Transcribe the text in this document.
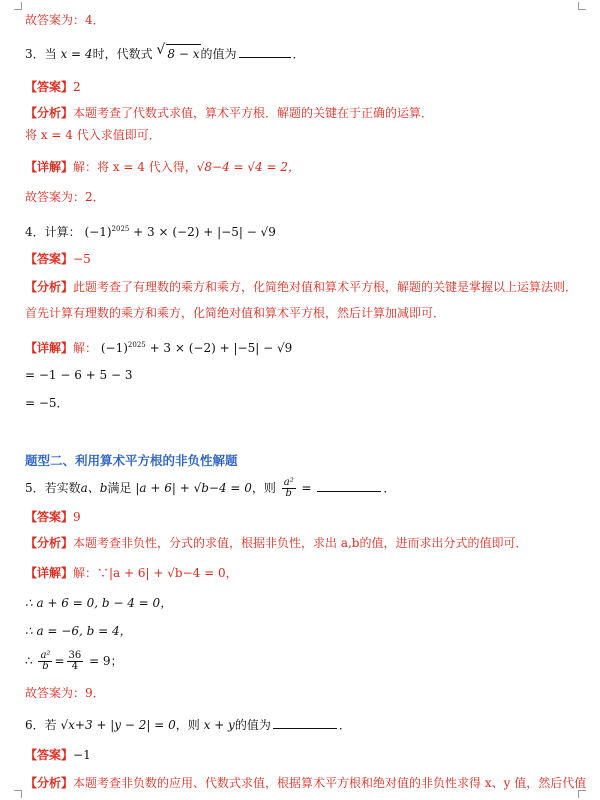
故答案为：4．
3．当 x = 4时，代数式 √ 8 − x的值为	．
【答案】2
【分析】本题考查了代数式求值，算术平方根．解题的关键在于正确的运算．
将 x = 4 代入求值即可．
【详解】解：将 x = 4 代入得，√8−4 = √4 = 2，
故答案为：2．
4．计算： $(-1)^{2025} + 3 \times (-2) + |-5| - √9$
【答案】−5
【分析】此题考查了有理数的乘方和乘方，化简绝对值和算术平方根，解题的关键是掌握以上运算法则．
首先计算有理数的乘方和乘方，化简绝对值和算术平方根，然后计算加减即可．
【详解】解： $(-1)^{2025} + 3 \times (-2) + |-5| - √9$
= −1 − 6 + 5 − 3
= −5．
题型二、利用算术平方根的非负性解题
5．若实数a、b满足 |a + 6| + √b−4 = 0，则 $\frac{\text{a²}}{b}$ =	．
【答案】9
【分析】本题考查非负性，分式的求值，根据非负性，求出 a,b的值，进而求出分式的值即可．
【详解】解：∵|a + 6| + √b−4 = 0，
∴ a + 6 = 0, b − 4 = 0，
∴ a = −6, b = 4，
∴ $\frac{\text{a²}}{b} = \frac{36}{4} = 9$；
故答案为：9．
6．若 √x+3 + |y − 2| = 0，则 x + y的值为	．
【答案】−1
【分析】本题考查非负数的应用、代数式求值，根据算术平方根和绝对值的非负性求得 x、y 值，然后代值
